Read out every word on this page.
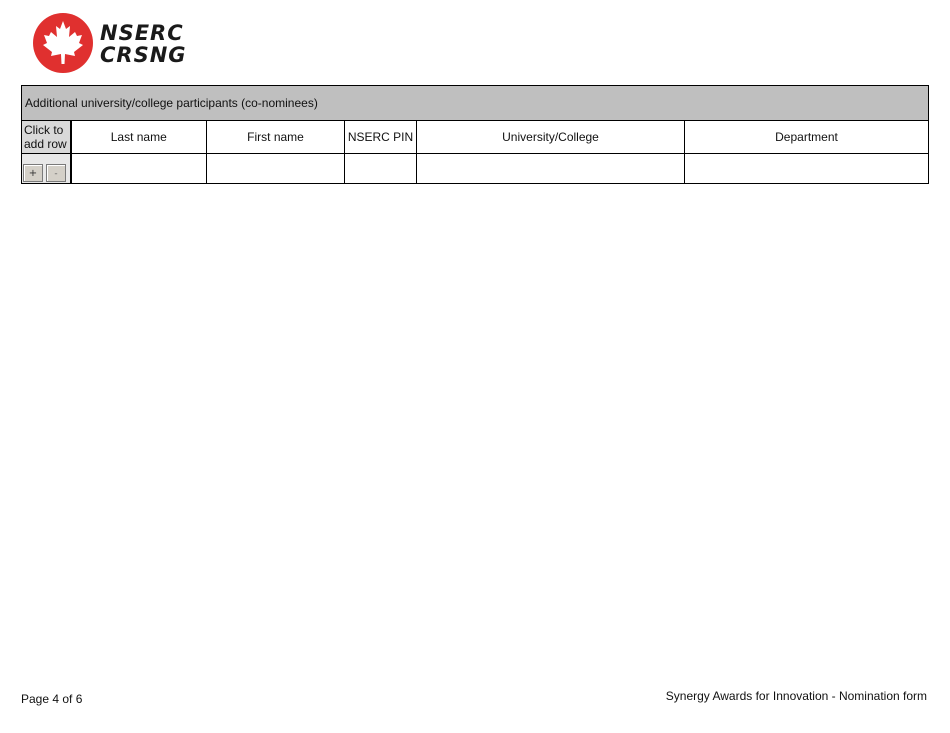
NSERC
CRSNG
Additional university/college participants (co-nominees)					
Click to
add row	Last name	First name	NSERC PIN	University/College	Department
+ -	

Page 4 of 6	Synergy Awards for Innovation - Nomination form
